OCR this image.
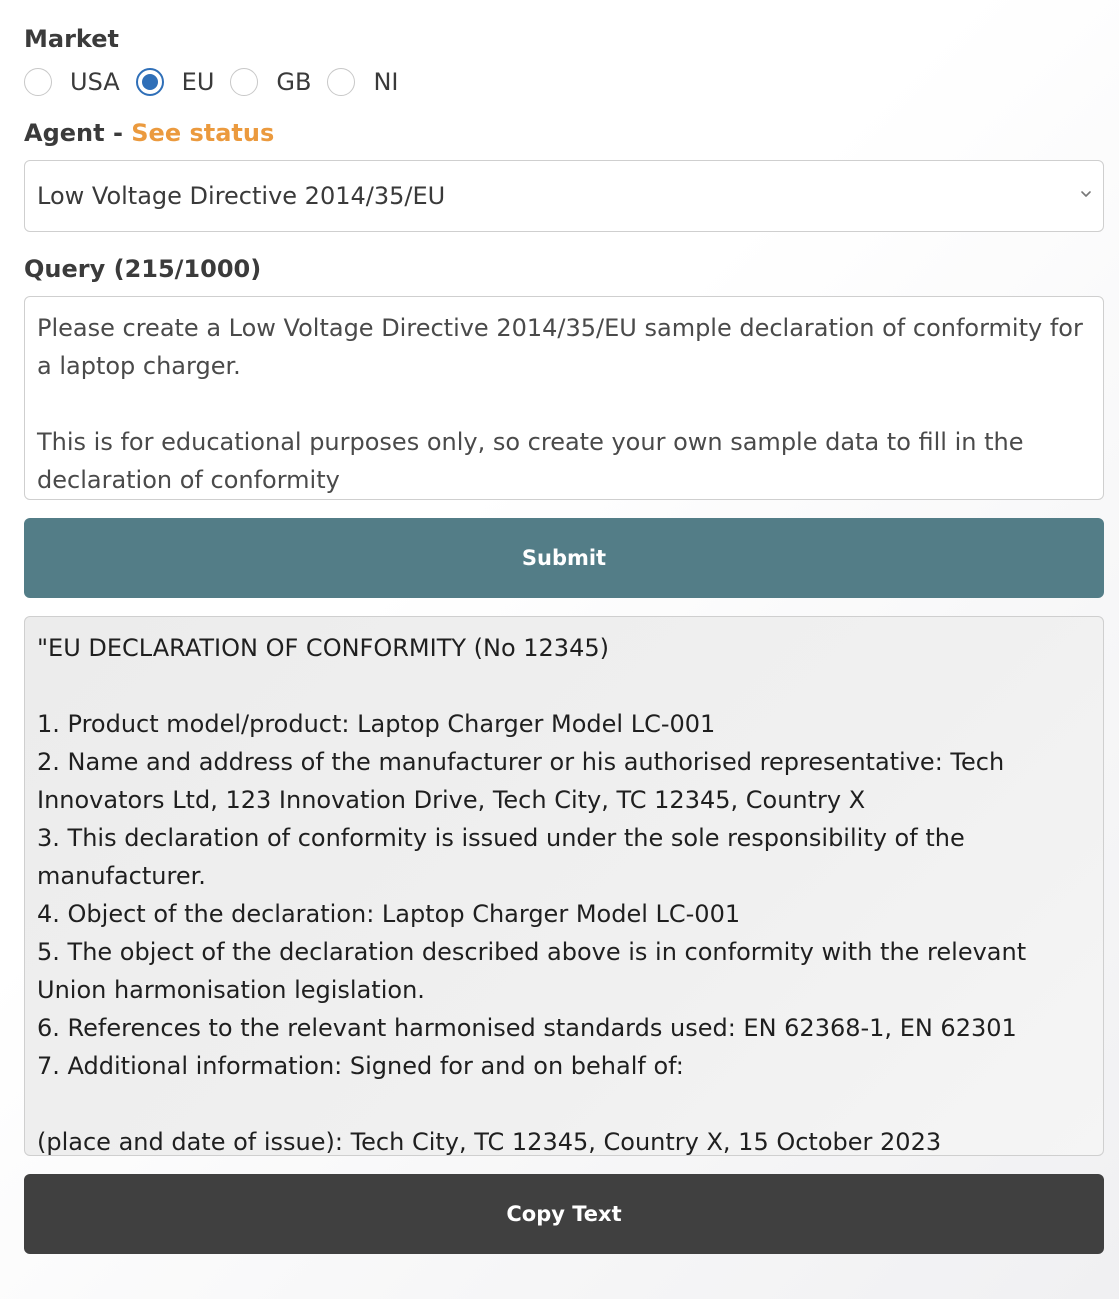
Market
USA	EU	GB	NI
Agent - See status
Low Voltage Directive 2014/35/EU
Query (215/1000)
Please create a Low Voltage Directive 2014/35/EU sample declaration of conformity for a laptop charger.

This is for educational purposes only, so create your own sample data to fill in the declaration of conformity
Submit
"EU DECLARATION OF CONFORMITY (No 12345)

1. Product model/product: Laptop Charger Model LC-001
2. Name and address of the manufacturer or his authorised representative: Tech Innovators Ltd, 123 Innovation Drive, Tech City, TC 12345, Country X
3. This declaration of conformity is issued under the sole responsibility of the manufacturer.
4. Object of the declaration: Laptop Charger Model LC-001
5. The object of the declaration described above is in conformity with the relevant Union harmonisation legislation.
6. References to the relevant harmonised standards used: EN 62368-1, EN 62301
7. Additional information: Signed for and on behalf of:

(place and date of issue): Tech City, TC 12345, Country X, 15 October 2023
Copy Text
